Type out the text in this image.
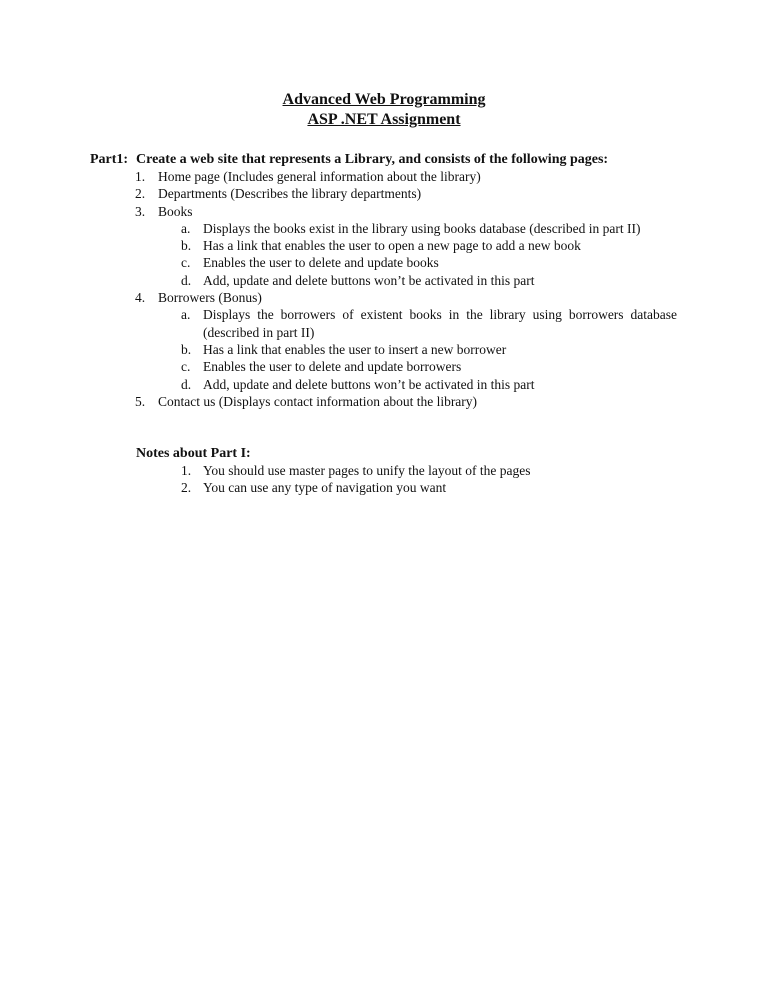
Advanced Web Programming
ASP .NET Assignment
Part1: Create a web site that represents a Library, and consists of the following pages:
1. Home page (Includes general information about the library)
2. Departments (Describes the library departments)
3. Books
a. Displays the books exist in the library using books database (described in part II)
b. Has a link that enables the user to open a new page to add a new book
c. Enables the user to delete and update books
d. Add, update and delete buttons won’t be activated in this part
4. Borrowers (Bonus)
a. Displays the borrowers of existent books in the library using borrowers database (described in part II)
b. Has a link that enables the user to insert a new borrower
c. Enables the user to delete and update borrowers
d. Add, update and delete buttons won’t be activated in this part
5. Contact us (Displays contact information about the library)
Notes about Part I:
1. You should use master pages to unify the layout of the pages
2. You can use any type of navigation you want
